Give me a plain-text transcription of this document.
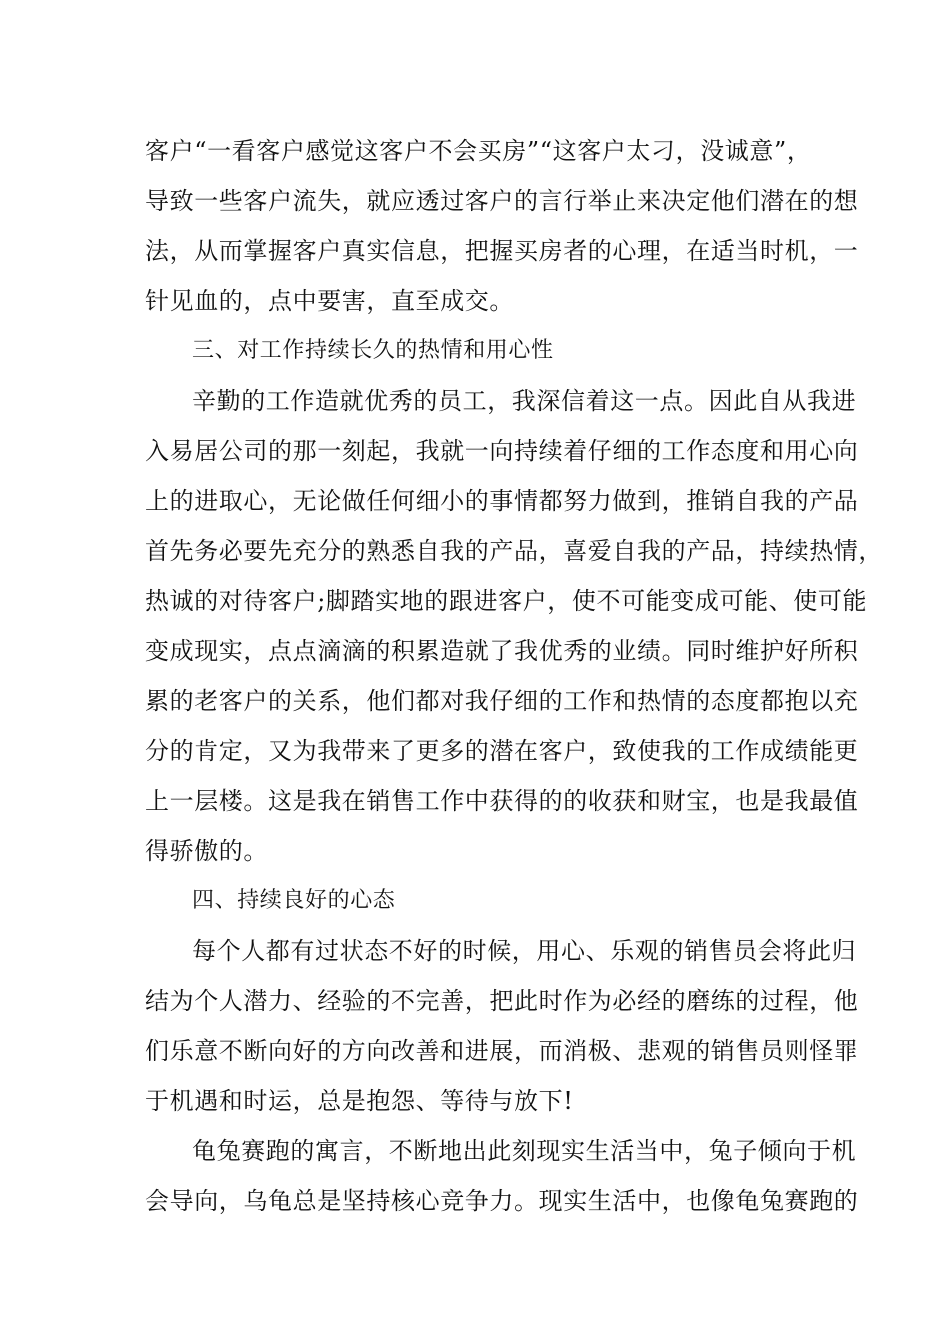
客户“一看客户感觉这客户不会买房”“这客户太刁，没诚意”，
导致一些客户流失，就应透过客户的言行举止来决定他们潜在的想
法，从而掌握客户真实信息，把握买房者的心理，在适当时机，一
针见血的，点中要害，直至成交。
三、对工作持续长久的热情和用心性
辛勤的工作造就优秀的员工，我深信着这一点。因此自从我进
入易居公司的那一刻起，我就一向持续着仔细的工作态度和用心向
上的进取心，无论做任何细小的事情都努力做到，推销自我的产品
首先务必要先充分的熟悉自我的产品，喜爱自我的产品，持续热情，
热诚的对待客户;脚踏实地的跟进客户，使不可能变成可能、使可能
变成现实，点点滴滴的积累造就了我优秀的业绩。同时维护好所积
累的老客户的关系，他们都对我仔细的工作和热情的态度都抱以充
分的肯定，又为我带来了更多的潜在客户，致使我的工作成绩能更
上一层楼。这是我在销售工作中获得的的收获和财宝，也是我最值
得骄傲的。
四、持续良好的心态
每个人都有过状态不好的时候，用心、乐观的销售员会将此归
结为个人潜力、经验的不完善，把此时作为必经的磨练的过程，他
们乐意不断向好的方向改善和进展，而消极、悲观的销售员则怪罪
于机遇和时运，总是抱怨、等待与放下!
龟兔赛跑的寓言，不断地出此刻现实生活当中，兔子倾向于机
会导向，乌龟总是坚持核心竞争力。现实生活中，也像龟兔赛跑的
